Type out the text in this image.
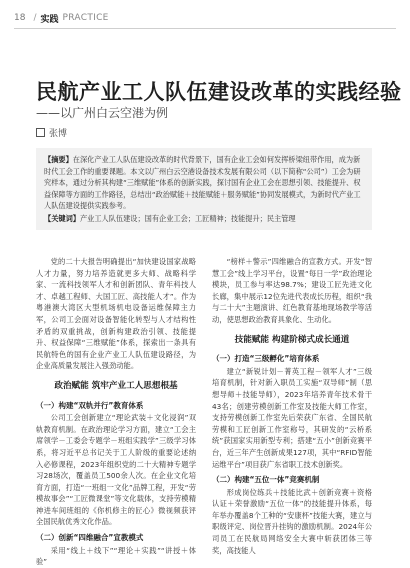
18 / 实践 PRACTICE
民航产业工人队伍建设改革的实践经验
——以广州白云空港为例
张博
【摘要】在深化产业工人队伍建设改革的时代背景下，国有企业工会如何发挥桥梁纽带作用，成为新时代工会工作的重要课题。本文以广州白云空港设备技术发展有限公司（以下简称“公司”）工会为研究样本，通过分析其构建“三维赋能”体系的创新实践，探讨国有企业工会在思想引领、技能提升、权益保障等方面的工作路径，总结出“政治赋能＋技能赋能＋服务赋能”协同发展模式，为新时代产业工人队伍建设提供实践参考。
【关键词】产业工人队伍建设；国有企业工会；工匠精神；技能提升；民主管理

党的二十大报告明确提出“加快建设国家战略人才力量，努力培养造就更多大师、战略科学家、一流科技领军人才和创新团队、青年科技人才、卓越工程师、大国工匠、高技能人才”。作为粤港澳大湾区大型机场机电设备运维保障主力军，公司工会面对设备智能化转型与人才结构性矛盾的双重挑战，创新构建政治引领、技能提升、权益保障“三维赋能”体系，探索出一条具有民航特色的国有企业产业工人队伍建设路径，为企业高质量发展注入强劲动能。

政治赋能 筑牢产业工人思想根基
（一）构建“双轨并行”教育体系

公司工会创新建立“理论武装＋文化浸润”双轨教育机制。在政治理论学习方面，建立“工会主席领学－工委会专题学－班组实践学”三级学习体系，将习近平总书记关于工人阶级的重要论述纳入必修课程，2023年组织党的二十大精神专题学习28场次，覆盖员工500余人次。在企业文化培育方面，打造“一班组一文化”品牌工程，开发“劳模故事会”“工匠微课堂”等文化载体，支持劳模精神进车间班组的《你机修主的匠心》微视频获评全国民航优秀文化作品。

（二）创新“四维融合”宣教模式

采用“线上＋线下”“理论＋实践”“讲授＋体验”

“榜样＋警示”四维融合的宣教方式。开发“智慧工会”线上学习平台，设置“每日一学”政治理论模块，员工参与率达98.7%；建设工匠先进文化长廊，集中展示12位先进代表成长历程，组织“我与二十大”主题演讲、红色教育基地现场教学等活动，使思想政治教育具象化、生动化。

技能赋能 构建阶梯式成长通道
（一）打造“三级孵化”培育体系

建立“新锐计划－菁英工程－领军人才”三级培育机制，针对新入职员工实施“双导师”制（思想导师＋技能导师），2023年培养青年技术骨干43名；创建劳模创新工作室及技能大师工作室，支持劳模创新工作室先后荣获广东省、全国民航劳模和工匠创新工作室称号，其研发的“云桥系统”获国家实用新型专利；搭建“五小”创新竞赛平台，近三年产生创新成果127项，其中“RFID智能运维平台”项目获广东省职工技术创新奖。

（二）构建“五位一体”竞赛机制

形成岗位练兵＋技能比武＋创新竞赛＋资格认证＋荣誉激励“五位一体”的技能提升体系，每年举办覆盖8个工种的“安康杯”技能大赛，建立与职级评定、岗位晋升挂钩的激励机制。2024年公司员工在民航局网络安全大赛中斩获团体三等奖，高技能人
